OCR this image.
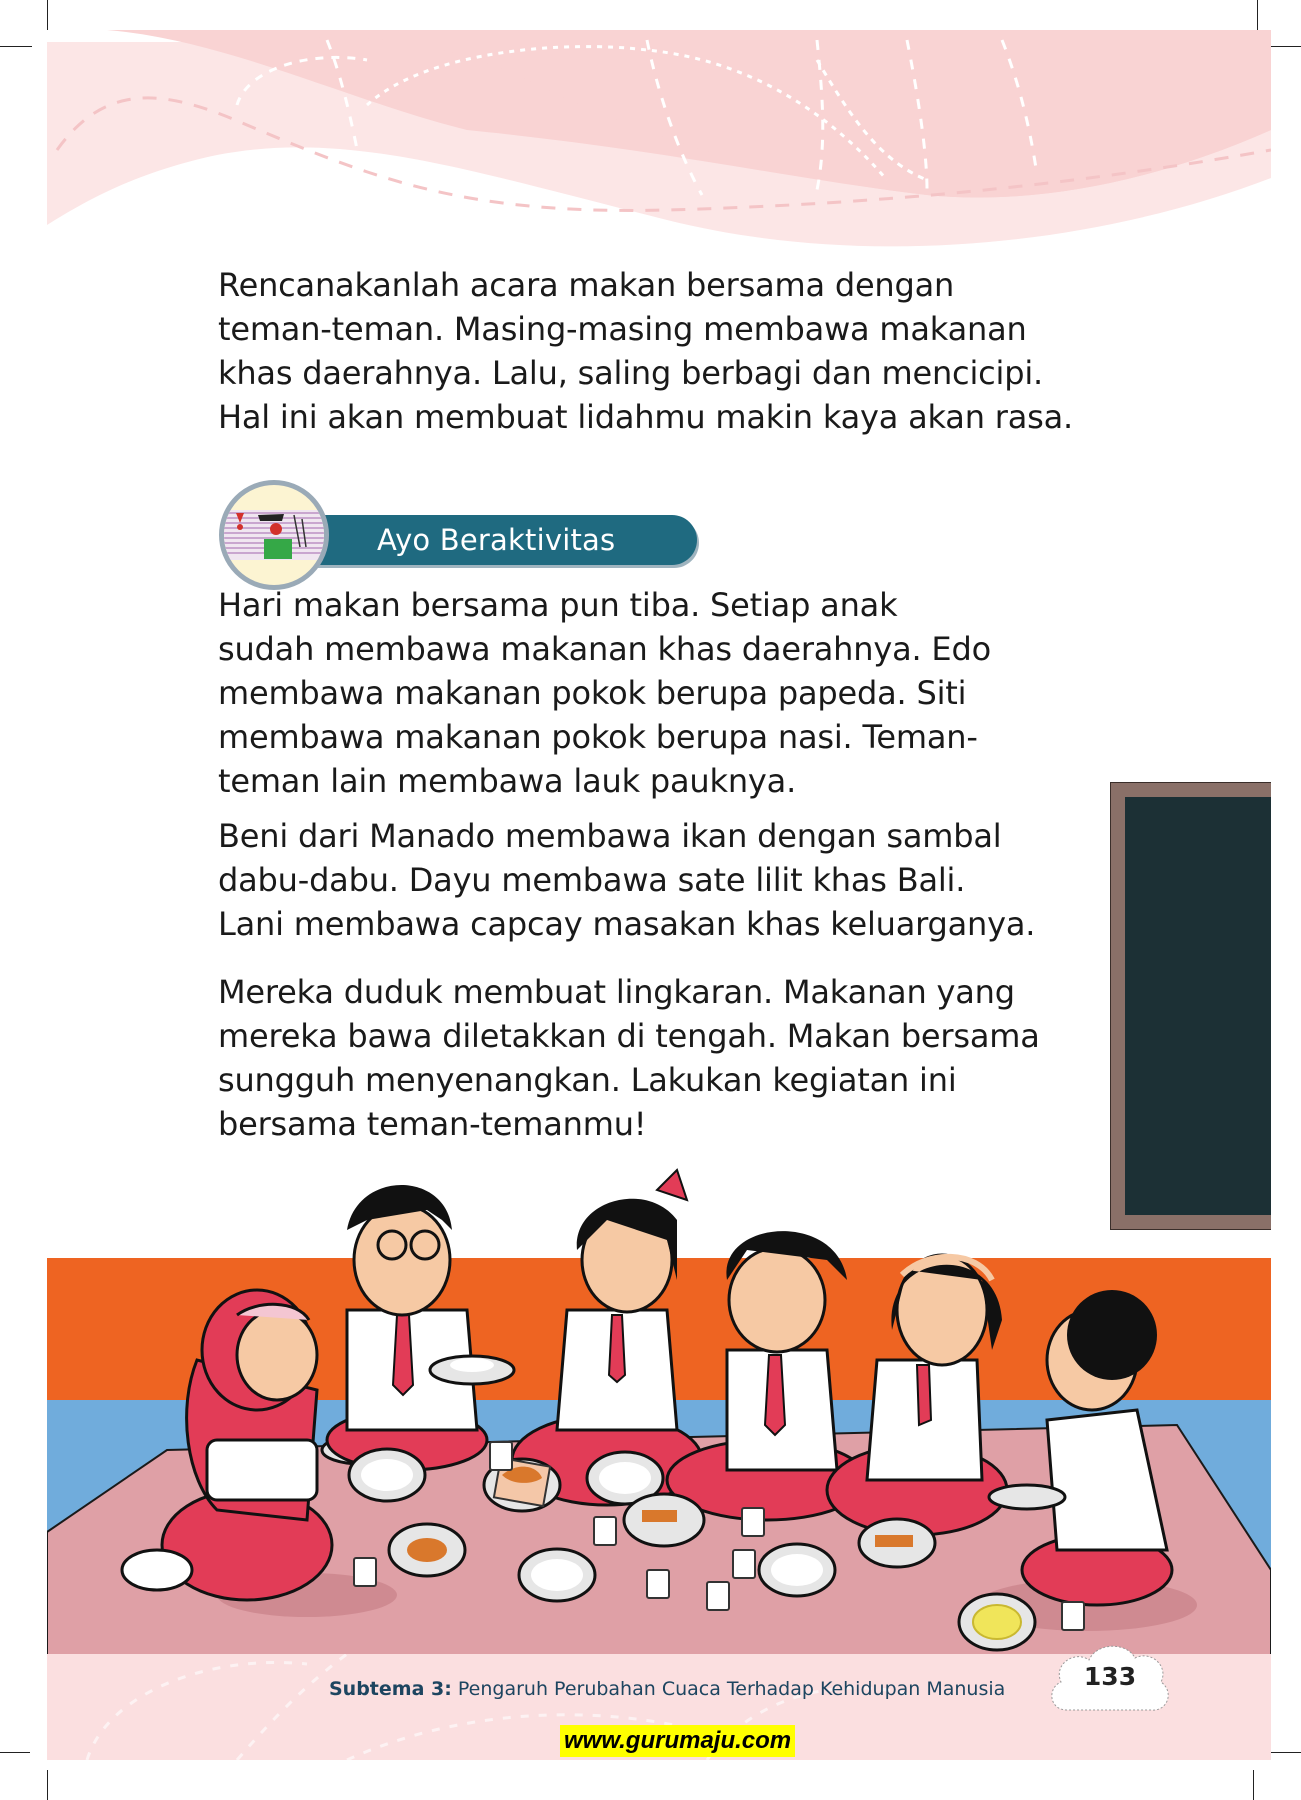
Rencanakanlah acara makan bersama dengan
teman-teman. Masing-masing membawa makanan
khas daerahnya. Lalu, saling berbagi dan mencicipi.
Hal ini akan membuat lidahmu makin kaya akan rasa.
Ayo Beraktivitas
Hari makan bersama pun tiba. Setiap anak
sudah membawa makanan khas daerahnya. Edo
membawa makanan pokok berupa papeda. Siti
membawa makanan pokok berupa nasi. Teman-
teman lain membawa lauk pauknya.
Beni dari Manado membawa ikan dengan sambal
dabu-dabu. Dayu membawa sate lilit khas Bali.
Lani membawa capcay masakan khas keluarganya.
Mereka duduk membuat lingkaran. Makanan yang
mereka bawa diletakkan di tengah. Makan bersama
sungguh menyenangkan. Lakukan kegiatan ini
bersama teman-temanmu!
Subtema 3: Pengaruh Perubahan Cuaca Terhadap Kehidupan Manusia	133
www.gurumaju.com
